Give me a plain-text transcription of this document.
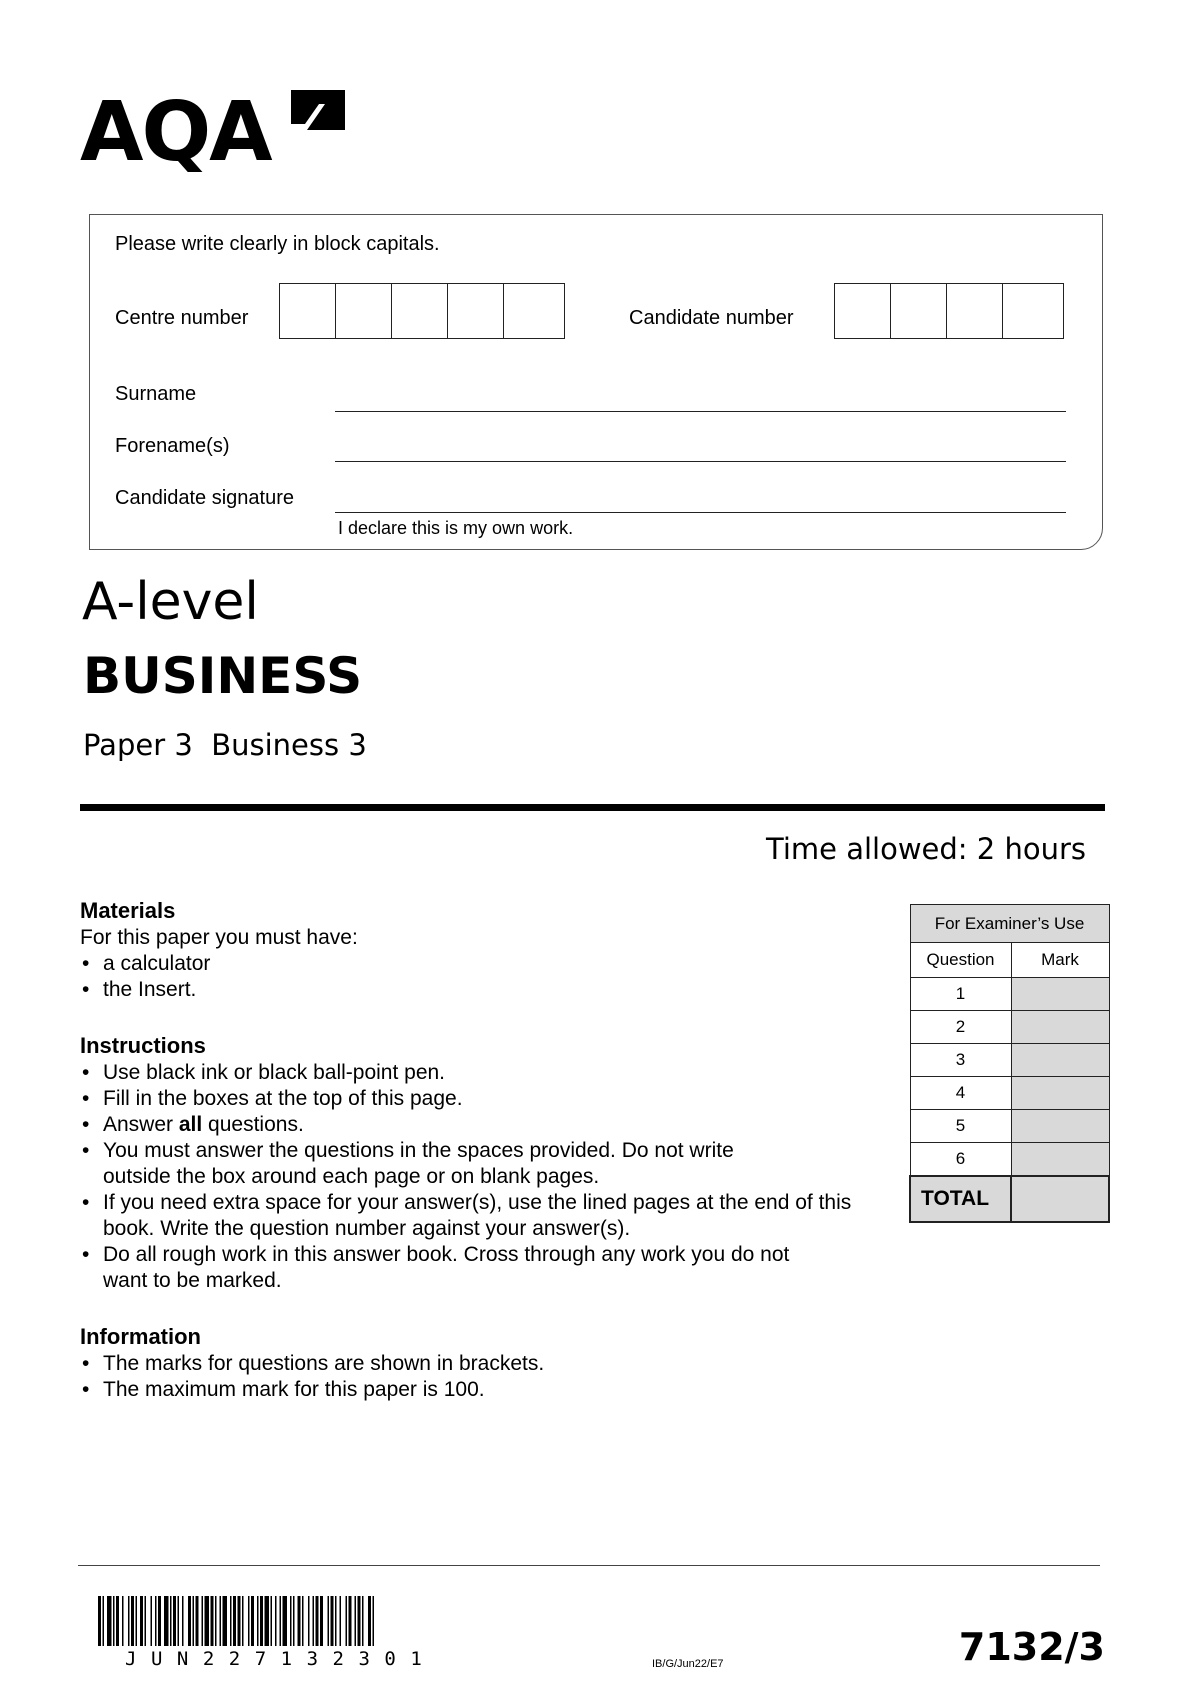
AQA
Please write clearly in block capitals.
Centre number	Candidate number
Surname
Forename(s)
Candidate signature
I declare this is my own work.
A-level
BUSINESS
Paper 3  Business 3
Time allowed: 2 hours
Materials

For this paper you must have:

• a calculator
• the Insert.
Instructions
• Use black ink or black ball-point pen.
• Fill in the boxes at the top of this page.
• Answer all questions.
• You must answer the questions in the spaces provided. Do not write outside the box around each page or on blank pages.
• If you need extra space for your answer(s), use the lined pages at the end of this book. Write the question number against your answer(s).
• Do all rough work in this answer book. Cross through any work you do not want to be marked.
Information
• The marks for questions are shown in brackets.
• The maximum mark for this paper is 100.
For Examiner’s Use	
Question	Mark
1	
2	
3	
4	
5	
6	
TOTAL	
JUN227132301	IB/G/Jun22/E7	7132/3
